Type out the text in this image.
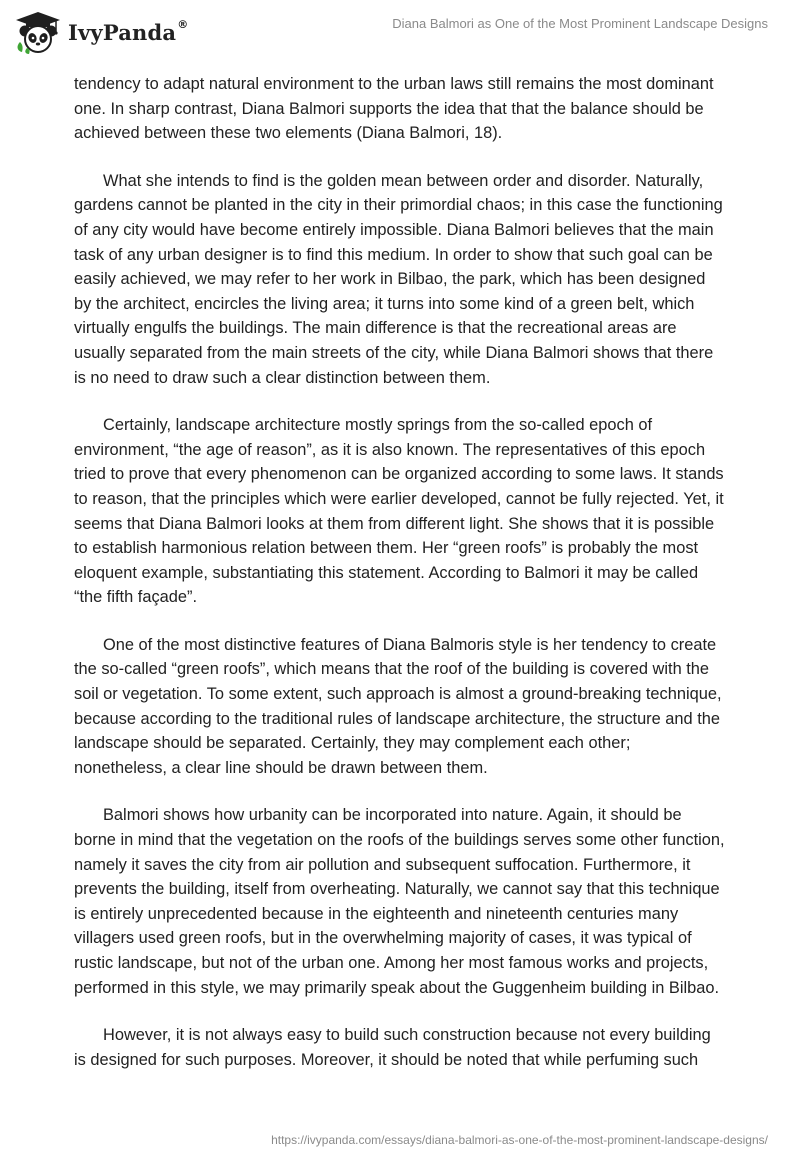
IvyPanda®	Diana Balmori as One of the Most Prominent Landscape Designs

tendency to adapt natural environment to the urban laws still remains the most dominant one. In sharp contrast, Diana Balmori supports the idea that that the balance should be achieved between these two elements (Diana Balmori, 18).

What she intends to find is the golden mean between order and disorder. Naturally, gardens cannot be planted in the city in their primordial chaos; in this case the functioning of any city would have become entirely impossible. Diana Balmori believes that the main task of any urban designer is to find this medium. In order to show that such goal can be easily achieved, we may refer to her work in Bilbao, the park, which has been designed by the architect, encircles the living area; it turns into some kind of a green belt, which virtually engulfs the buildings. The main difference is that the recreational areas are usually separated from the main streets of the city, while Diana Balmori shows that there is no need to draw such a clear distinction between them.

Certainly, landscape architecture mostly springs from the so-called epoch of environment, “the age of reason”, as it is also known. The representatives of this epoch tried to prove that every phenomenon can be organized according to some laws. It stands to reason, that the principles which were earlier developed, cannot be fully rejected. Yet, it seems that Diana Balmori looks at them from different light. She shows that it is possible to establish harmonious relation between them. Her “green roofs” is probably the most eloquent example, substantiating this statement. According to Balmori it may be called “the fifth façade”.

One of the most distinctive features of Diana Balmoris style is her tendency to create the so-called “green roofs”, which means that the roof of the building is covered with the soil or vegetation. To some extent, such approach is almost a ground-breaking technique, because according to the traditional rules of landscape architecture, the structure and the landscape should be separated. Certainly, they may complement each other; nonetheless, a clear line should be drawn between them.

Balmori shows how urbanity can be incorporated into nature. Again, it should be borne in mind that the vegetation on the roofs of the buildings serves some other function, namely it saves the city from air pollution and subsequent suffocation. Furthermore, it prevents the building, itself from overheating. Naturally, we cannot say that this technique is entirely unprecedented because in the eighteenth and nineteenth centuries many villagers used green roofs, but in the overwhelming majority of cases, it was typical of rustic landscape, but not of the urban one. Among her most famous works and projects, performed in this style, we may primarily speak about the Guggenheim building in Bilbao.

However, it is not always easy to build such construction because not every building is designed for such purposes. Moreover, it should be noted that while perfuming such

https://ivypanda.com/essays/diana-balmori-as-one-of-the-most-prominent-landscape-designs/
